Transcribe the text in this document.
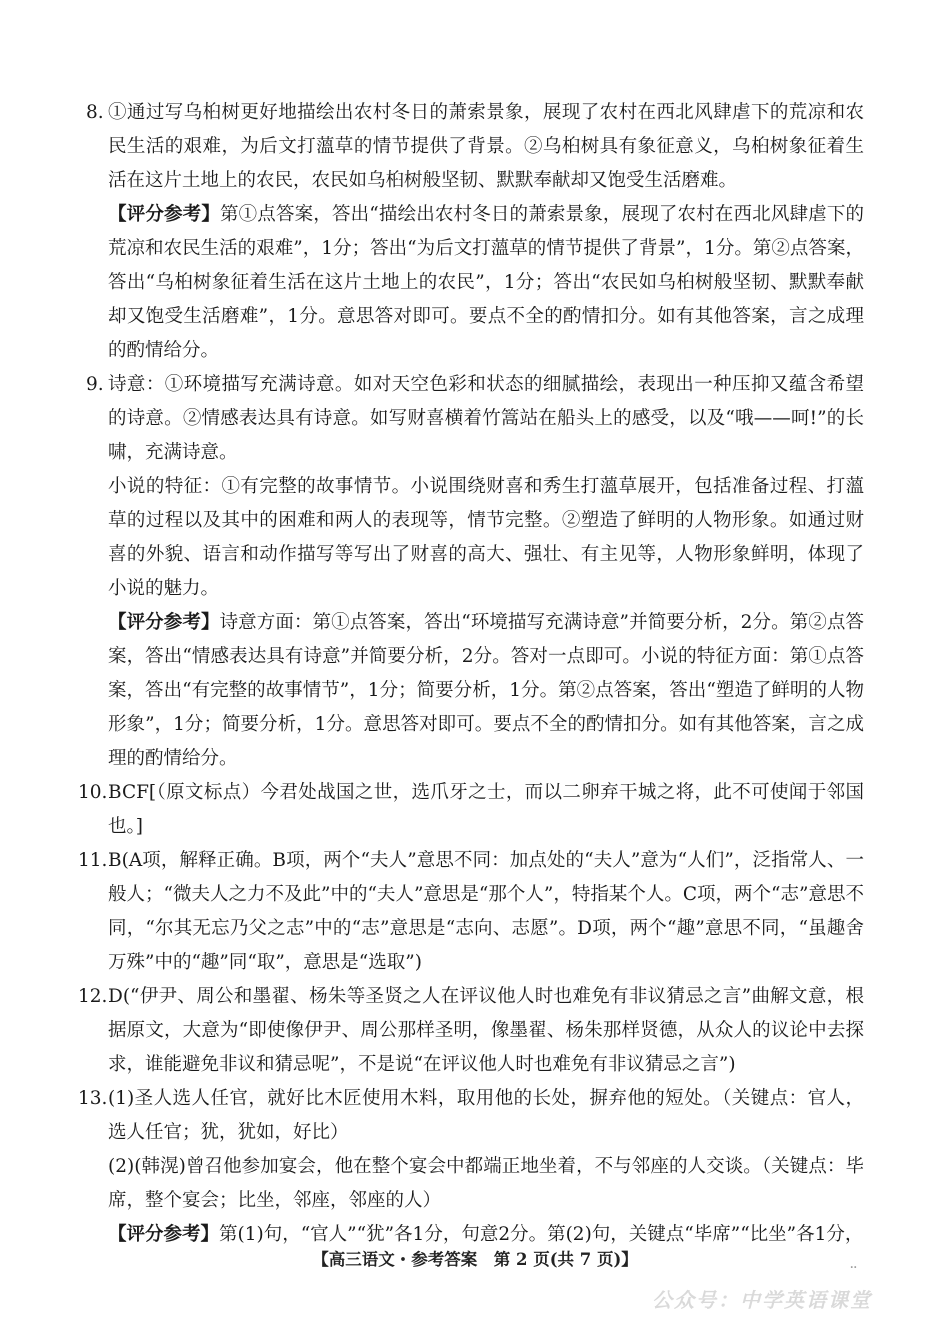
8. ①通过写乌桕树更好地描绘出农村冬日的萧索景象，展现了农村在西北风肆虐下的荒凉和农民生活的艰难，为后文打薀草的情节提供了背景。②乌桕树具有象征意义，乌桕树象征着生活在这片土地上的农民，农民如乌桕树般坚韧、默默奉献却又饱受生活磨难。

【评分参考】第①点答案，答出“描绘出农村冬日的萧索景象，展现了农村在西北风肆虐下的荒凉和农民生活的艰难”，1分；答出“为后文打薀草的情节提供了背景”，1分。第②点答案，答出“乌桕树象征着生活在这片土地上的农民”，1分；答出“农民如乌桕树般坚韧、默默奉献却又饱受生活磨难”，1分。意思答对即可。要点不全的酌情扣分。如有其他答案，言之成理的酌情给分。

9. 诗意：①环境描写充满诗意。如对天空色彩和状态的细腻描绘，表现出一种压抑又蕴含希望的诗意。②情感表达具有诗意。如写财喜横着竹篙站在船头上的感受，以及“哦——呵!”的长啸，充满诗意。

小说的特征：①有完整的故事情节。小说围绕财喜和秀生打薀草展开，包括准备过程、打薀草的过程以及其中的困难和两人的表现等，情节完整。②塑造了鲜明的人物形象。如通过财喜的外貌、语言和动作描写等写出了财喜的高大、强壮、有主见等，人物形象鲜明，体现了小说的魅力。

【评分参考】诗意方面：第①点答案，答出“环境描写充满诗意”并简要分析，2分。第②点答案，答出“情感表达具有诗意”并简要分析，2分。答对一点即可。小说的特征方面：第①点答案，答出“有完整的故事情节”，1分；简要分析，1分。第②点答案，答出“塑造了鲜明的人物形象”，1分；简要分析，1分。意思答对即可。要点不全的酌情扣分。如有其他答案，言之成理的酌情给分。

10. BCF[（原文标点）今君处战国之世，选爪牙之士，而以二卵弃干城之将，此不可使闻于邻国也。]

11. B(A项，解释正确。B项，两个“夫人”意思不同：加点处的“夫人”意为“人们”，泛指常人、一般人；“微夫人之力不及此”中的“夫人”意思是“那个人”，特指某个人。C项，两个“志”意思不同，“尔其无忘乃父之志”中的“志”意思是“志向、志愿”。D项，两个“趣”意思不同，“虽趣舍万殊”中的“趣”同“取”，意思是“选取”)

12. D(“伊尹、周公和墨翟、杨朱等圣贤之人在评议他人时也难免有非议猜忌之言”曲解文意，根据原文，大意为“即使像伊尹、周公那样圣明，像墨翟、杨朱那样贤德，从众人的议论中去探求，谁能避免非议和猜忌呢”，不是说“在评议他人时也难免有非议猜忌之言”)

13. (1)圣人选人任官，就好比木匠使用木料，取用他的长处，摒弃他的短处。（关键点：官人，选人任官；犹，犹如，好比）

(2)(韩滉)曾召他参加宴会，他在整个宴会中都端正地坐着，不与邻座的人交谈。（关键点：毕席，整个宴会；比坐，邻座，邻座的人）

【评分参考】第(1)句，“官人”“犹”各1分，句意2分。第(2)句，关键点“毕席”“比坐”各1分，

【高三语文・参考答案　第 2 页(共 7 页)】	..
公众号：中学英语课堂
